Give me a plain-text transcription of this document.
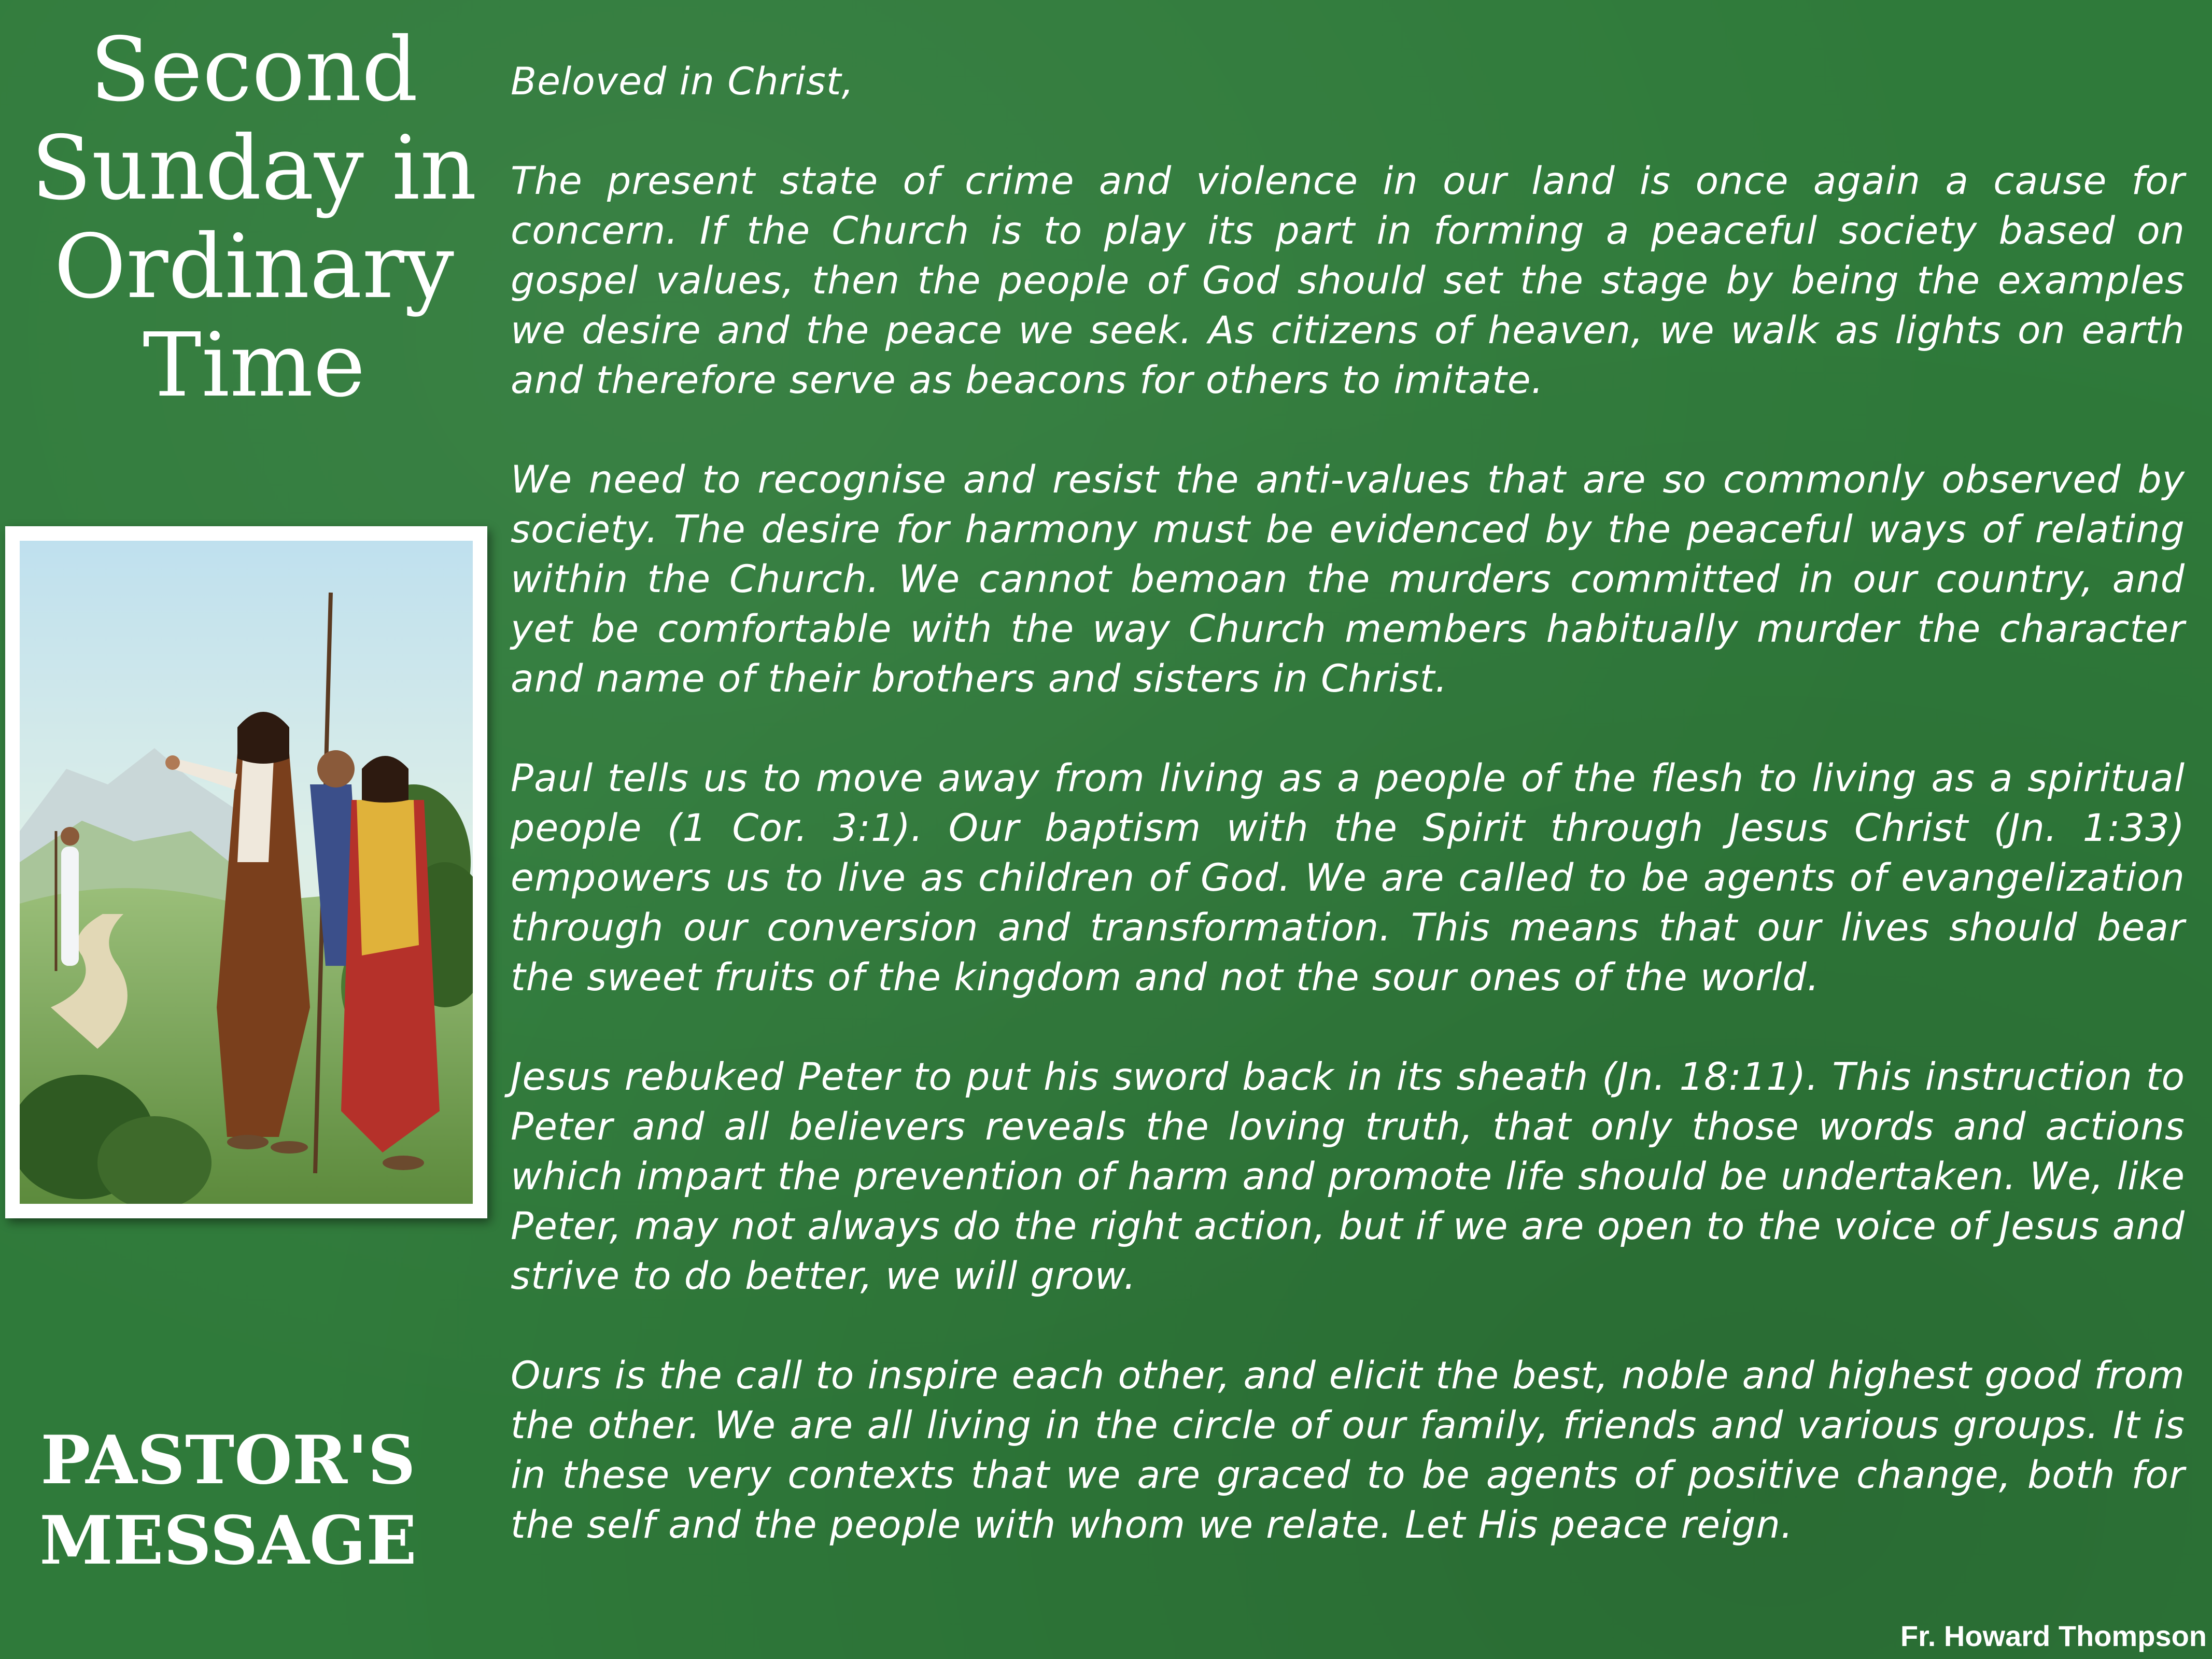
Second
Sunday in
Ordinary
Time
PASTOR'S
MESSAGE

Beloved in Christ,

The present state of crime and violence in our land is once again a cause for concern. If the Church is to play its part in forming a peaceful society based on gospel values, then the people of God should set the stage by being the examples we desire and the peace we seek. As citizens of heaven, we walk as lights on earth and therefore serve as beacons for others to imitate.

We need to recognise and resist the anti-values that are so commonly observed by society. The desire for harmony must be evidenced by the peaceful ways of relating within the Church. We cannot bemoan the murders committed in our country, and yet be comfortable with the way Church members habitually murder the character and name of their brothers and sisters in Christ.

Paul tells us to move away from living as a people of the flesh to living as a spiritual people (1 Cor. 3:1). Our baptism with the Spirit through Jesus Christ (Jn. 1:33) empowers us to live as children of God. We are called to be agents of evangelization through our conversion and transformation. This means that our lives should bear the sweet fruits of the kingdom and not the sour ones of the world.

Jesus rebuked Peter to put his sword back in its sheath (Jn. 18:11). This instruction to Peter and all believers reveals the loving truth, that only those words and actions which impart the prevention of harm and promote life should be undertaken. We, like Peter, may not always do the right action, but if we are open to the voice of Jesus and strive to do better, we will grow.

Ours is the call to inspire each other, and elicit the best, noble and highest good from the other. We are all living in the circle of our family, friends and various groups. It is in these very contexts that we are graced to be agents of positive change, both for the self and the people with whom we relate. Let His peace reign.

Fr. Howard Thompson
